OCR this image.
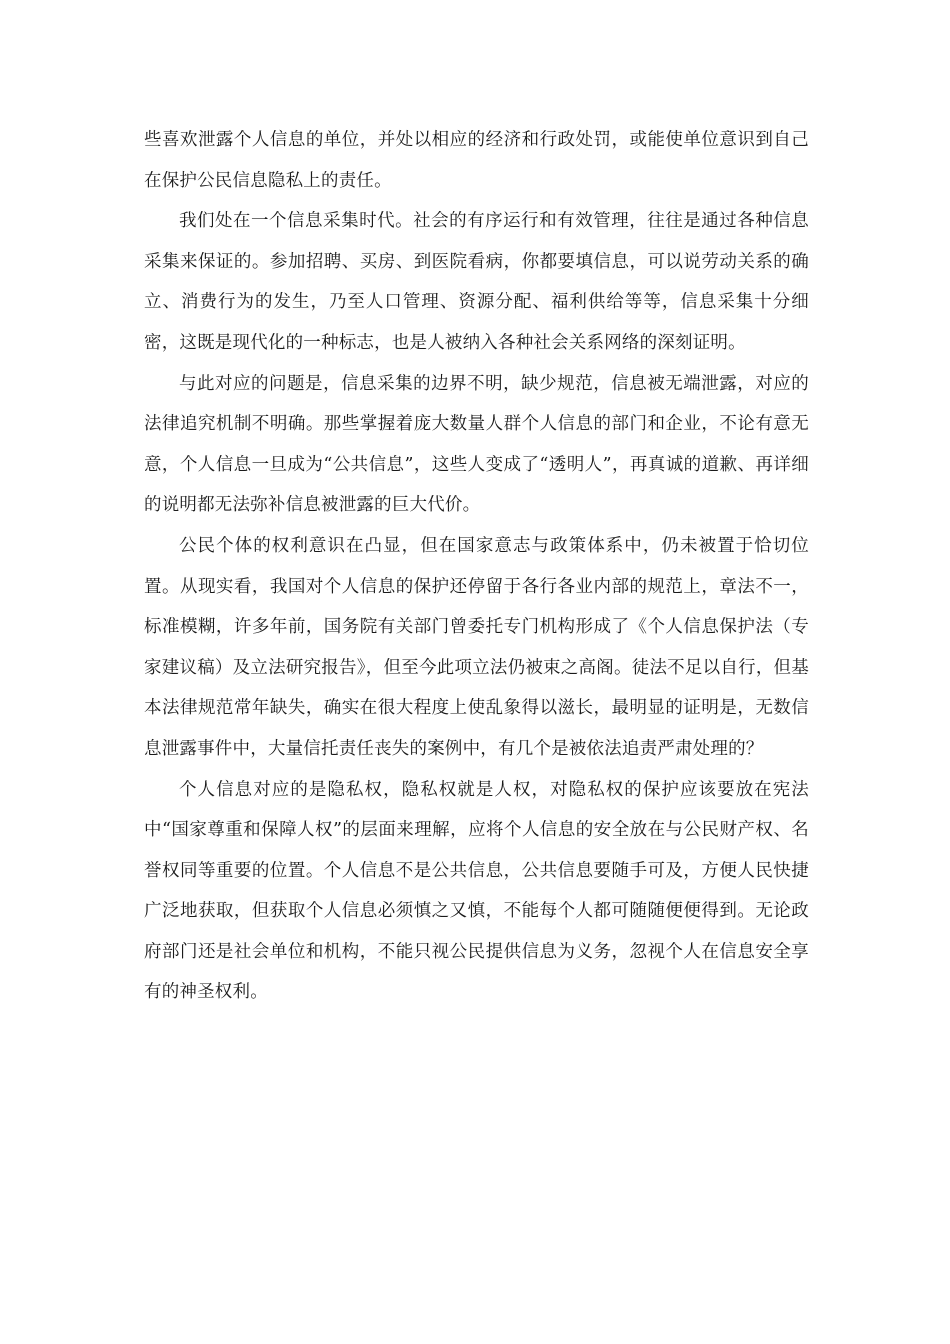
些喜欢泄露个人信息的单位，并处以相应的经济和行政处罚，或能使单位意识到自己在保护公民信息隐私上的责任。

我们处在一个信息采集时代。社会的有序运行和有效管理，往往是通过各种信息采集来保证的。参加招聘、买房、到医院看病，你都要填信息，可以说劳动关系的确立、消费行为的发生，乃至人口管理、资源分配、福利供给等等，信息采集十分细密，这既是现代化的一种标志，也是人被纳入各种社会关系网络的深刻证明。

与此对应的问题是，信息采集的边界不明，缺少规范，信息被无端泄露，对应的法律追究机制不明确。那些掌握着庞大数量人群个人信息的部门和企业，不论有意无意，个人信息一旦成为“公共信息”，这些人变成了“透明人”，再真诚的道歉、再详细的说明都无法弥补信息被泄露的巨大代价。

公民个体的权利意识在凸显，但在国家意志与政策体系中，仍未被置于恰切位置。从现实看，我国对个人信息的保护还停留于各行各业内部的规范上，章法不一，标准模糊，许多年前，国务院有关部门曾委托专门机构形成了《个人信息保护法（专家建议稿）及立法研究报告》，但至今此项立法仍被束之高阁。徒法不足以自行，但基本法律规范常年缺失，确实在很大程度上使乱象得以滋长，最明显的证明是，无数信息泄露事件中，大量信托责任丧失的案例中，有几个是被依法追责严肃处理的？

个人信息对应的是隐私权，隐私权就是人权，对隐私权的保护应该要放在宪法中“国家尊重和保障人权”的层面来理解，应将个人信息的安全放在与公民财产权、名誉权同等重要的位置。个人信息不是公共信息，公共信息要随手可及，方便人民快捷广泛地获取，但获取个人信息必须慎之又慎，不能每个人都可随随便便得到。无论政府部门还是社会单位和机构，不能只视公民提供信息为义务，忽视个人在信息安全享有的神圣权利。
